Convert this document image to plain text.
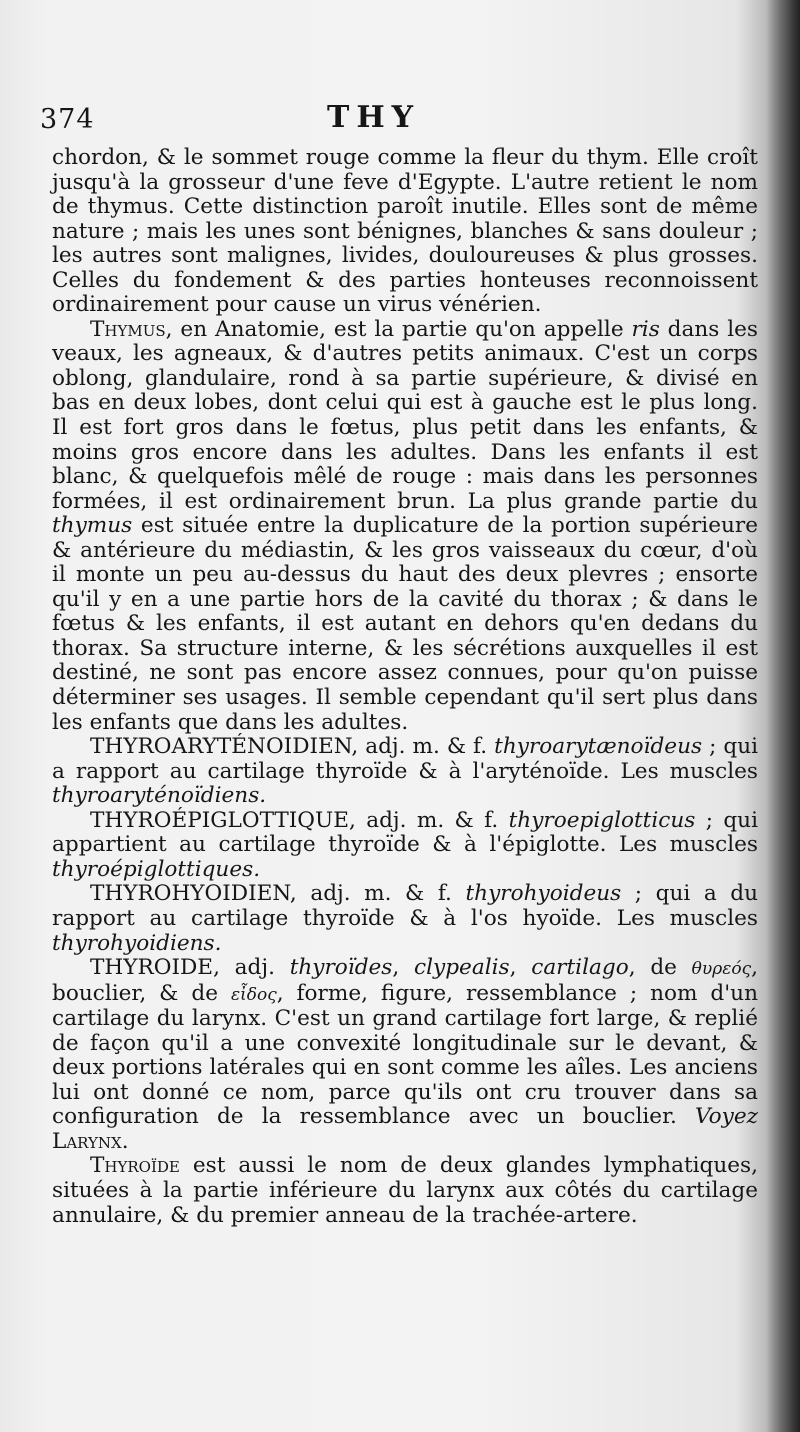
374	THY

chordon, & le sommet rouge comme la fleur du thym. Elle croît jusqu'à la grosseur d'une feve d'Egypte. L'autre retient le nom de thymus. Cette distinction paroît inutile. Elles sont de même nature ; mais les unes sont bénignes, blanches & sans douleur ; les autres sont malignes, livides, douloureuses & plus grosses. Celles du fondement & des parties honteuses reconnoissent ordinairement pour cause un virus vénérien.

Thymus, en Anatomie, est la partie qu'on appelle ris dans les veaux, les agneaux, & d'autres petits animaux. C'est un corps oblong, glandulaire, rond à sa partie supérieure, & divisé en bas en deux lobes, dont celui qui est à gauche est le plus long. Il est fort gros dans le fœtus, plus petit dans les enfants, & moins gros encore dans les adultes. Dans les enfants il est blanc, & quelquefois mêlé de rouge : mais dans les personnes formées, il est ordinairement brun. La plus grande partie du thymus est située entre la duplicature de la portion supérieure & antérieure du médiastin, & les gros vaisseaux du cœur, d'où il monte un peu au-dessus du haut des deux plevres ; ensorte qu'il y en a une partie hors de la cavité du thorax ; & dans le fœtus & les enfants, il est autant en dehors qu'en dedans du thorax. Sa structure interne, & les sécrétions auxquelles il est destiné, ne sont pas encore assez connues, pour qu'on puisse déterminer ses usages. Il semble cependant qu'il sert plus dans les enfants que dans les adultes.

THYROARYTÉNOIDIEN, adj. m. & f. thyroarytænoïdeus ; qui a rapport au cartilage thyroïde & à l'aryténoïde. Les muscles thyroaryténoïdiens.

THYROÉPIGLOTTIQUE, adj. m. & f. thyroepiglotticus ; qui appartient au cartilage thyroïde & à l'épiglotte. Les muscles thyroépiglottiques.

THYROHYOIDIEN, adj. m. & f. thyrohyoideus ; qui a du rapport au cartilage thyroïde & à l'os hyoïde. Les muscles thyrohyoidiens.

THYROIDE, adj. thyroïdes, clypealis, cartilago, de θυρεός, bouclier, & de εἶδος, forme, figure, ressemblance ; nom d'un cartilage du larynx. C'est un grand cartilage fort large, & replié de façon qu'il a une convexité longitudinale sur le devant, & deux portions latérales qui en sont comme les aîles. Les anciens lui ont donné ce nom, parce qu'ils ont cru trouver dans sa configuration de la ressemblance avec un bouclier. Voyez Larynx.

Thyroïde est aussi le nom de deux glandes lymphatiques, situées à la partie inférieure du larynx aux côtés du cartilage annulaire, & du premier anneau de la trachée-artere.
